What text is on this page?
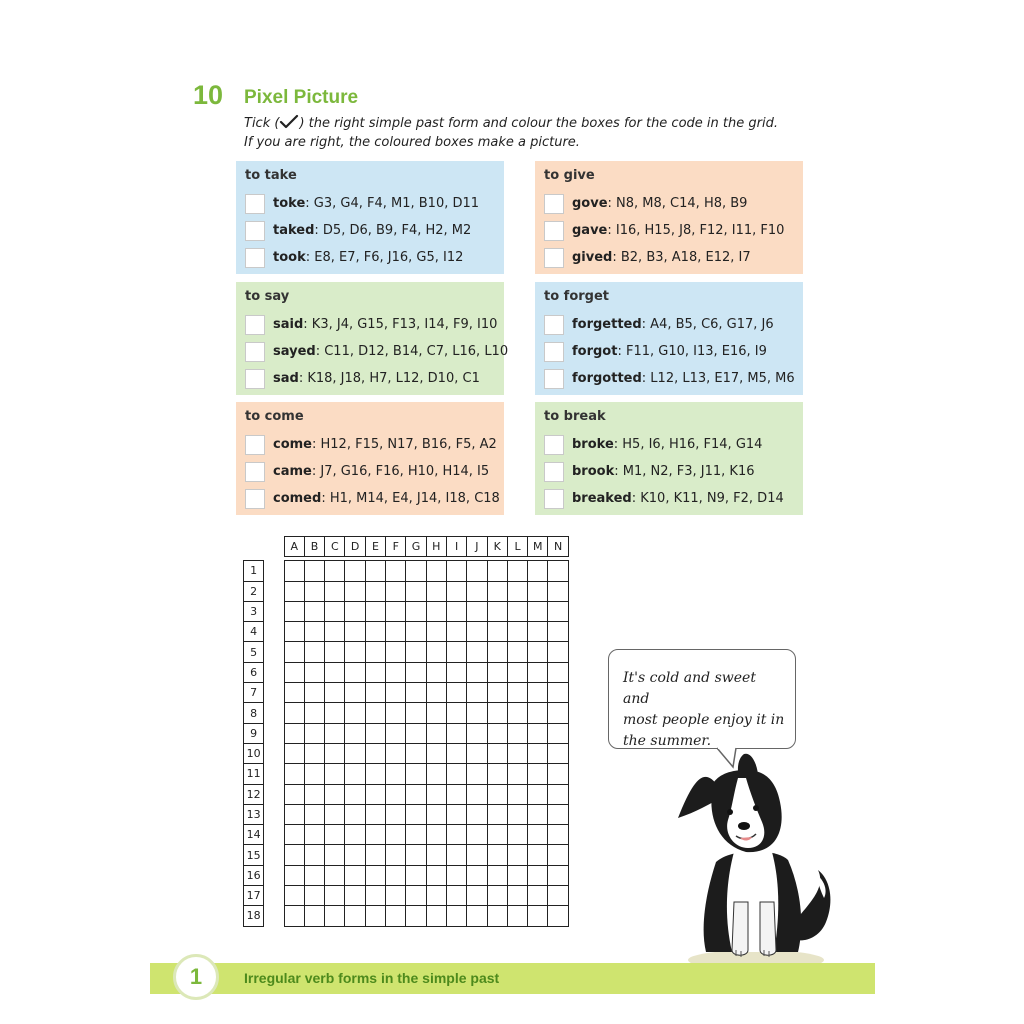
10 Pixel Picture
Tick ( ) the right simple past form and colour the boxes for the code in the grid.
If you are right, the coloured boxes make a picture.
to take
toke: G3, G4, F4, M1, B10, D11
taked: D5, D6, B9, F4, H2, M2
took: E8, E7, F6, J16, G5, I12
to give
gove: N8, M8, C14, H8, B9
gave: I16, H15, J8, F12, I11, F10
gived: B2, B3, A18, E12, I7
to say
said: K3, J4, G15, F13, I14, F9, I10
sayed: C11, D12, B14, C7, L16, L10
sad: K18, J18, H7, L12, D10, C1
to forget
forgetted: A4, B5, C6, G17, J6
forgot: F11, G10, I13, E16, I9
forgotted: L12, L13, E17, M5, M6
to come
come: H12, F15, N17, B16, F5, A2
came: J7, G16, F16, H10, H14, I5
comed: H1, M14, E4, J14, I18, C18
to break
broke: H5, I6, H16, F14, G14
brook: M1, N2, F3, J11, K16
breaked: K10, K11, N9, F2, D14
		A	B	C	D	E	F	G	H	I	J	K	L	M	N

1															
2															
3															
4															
5															
6															
7															
8															
9															
10															
11															
12															
13															
14															
15															
16															
17															
18															
It's cold and sweet and
most people enjoy it in
the summer.
1	Irregular verb forms in the simple past
